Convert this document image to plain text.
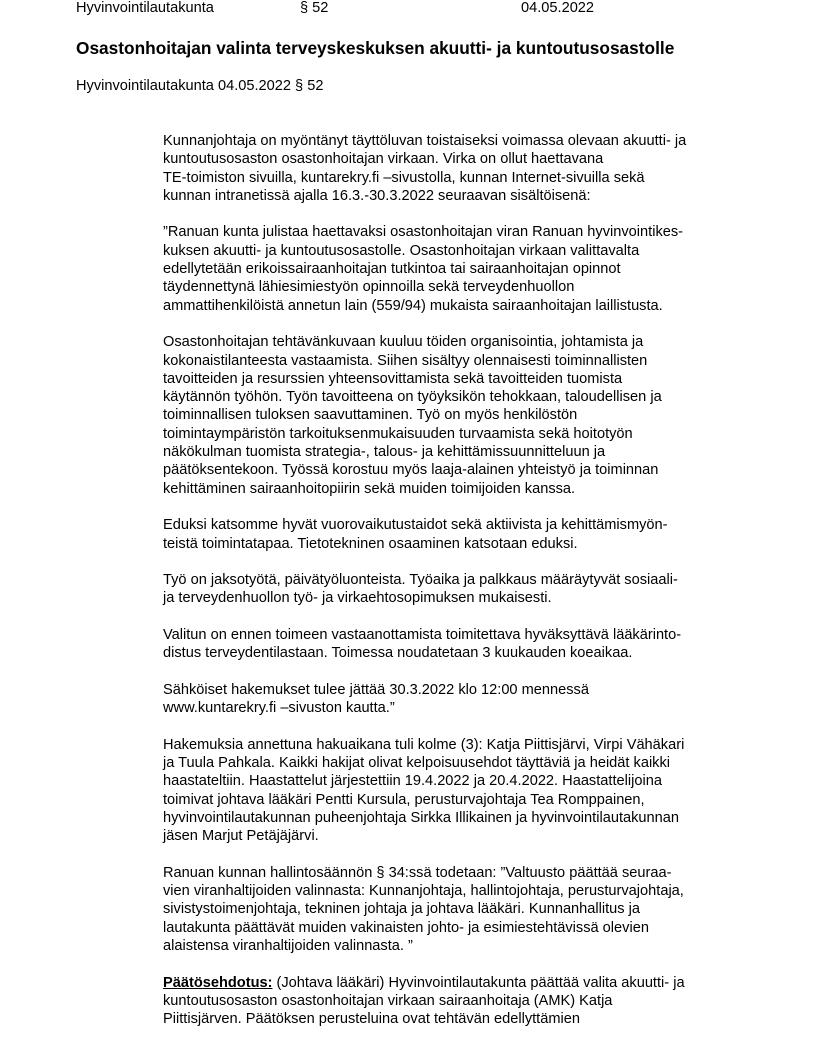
Hyvinvointilautakunta	§ 52	04.05.2022
Osastonhoitajan valinta terveyskeskuksen akuutti- ja kuntoutusosastolle
Hyvinvointilautakunta 04.05.2022 § 52
Kunnanjohtaja on myöntänyt täyttöluvan toistaiseksi voimassa olevaan akuutti- ja
kuntoutusosaston osastonhoitajan virkaan. Virka on ollut haettavana
TE-toimiston sivuilla, kuntarekry.fi –sivustolla, kunnan Internet-sivuilla sekä
kunnan intranetissä ajalla 16.3.-30.3.2022 seuraavan sisältöisenä:
”Ranuan kunta julistaa haettavaksi osastonhoitajan viran Ranuan hyvinvointikes-
kuksen akuutti- ja kuntoutusosastolle. Osastonhoitajan virkaan valittavalta
edellytetään erikoissairaanhoitajan tutkintoa tai sairaanhoitajan opinnot
täydennettynä lähiesimiestyön opinnoilla sekä terveydenhuollon
ammattihenkilöistä annetun lain (559/94) mukaista sairaanhoitajan laillistusta.
Osastonhoitajan tehtävänkuvaan kuuluu töiden organisointia, johtamista ja
kokonaistilanteesta vastaamista. Siihen sisältyy olennaisesti toiminnallisten
tavoitteiden ja resurssien yhteensovittamista sekä tavoitteiden tuomista
käytännön työhön. Työn tavoitteena on työyksikön tehokkaan, taloudellisen ja
toiminnallisen tuloksen saavuttaminen. Työ on myös henkilöstön
toimintaympäristön tarkoituksenmukaisuuden turvaamista sekä hoitotyön
näkökulman tuomista strategia-, talous- ja kehittämissuunnitteluun ja
päätöksentekoon. Työssä korostuu myös laaja-alainen yhteistyö ja toiminnan
kehittäminen sairaanhoitopiirin sekä muiden toimijoiden kanssa.
Eduksi katsomme hyvät vuorovaikutustaidot sekä aktiivista ja kehittämismyön-
teistä toimintatapaa. Tietotekninen osaaminen katsotaan eduksi.
Työ on jaksotyötä, päivätyöluonteista. Työaika ja palkkaus määräytyvät sosiaali-
ja terveydenhuollon työ- ja virkaehtosopimuksen mukaisesti.
Valitun on ennen toimeen vastaanottamista toimitettava hyväksyttävä lääkärinto-
distus terveydentilastaan. Toimessa noudatetaan 3 kuukauden koeaikaa.
Sähköiset hakemukset tulee jättää 30.3.2022 klo 12:00 mennessä
www.kuntarekry.fi –sivuston kautta.”
Hakemuksia annettuna hakuaikana tuli kolme (3): Katja Piittisjärvi, Virpi Vähäkari
ja Tuula Pahkala. Kaikki hakijat olivat kelpoisuusehdot täyttäviä ja heidät kaikki
haastateltiin. Haastattelut järjestettiin 19.4.2022 ja 20.4.2022. Haastattelijoina
toimivat johtava lääkäri Pentti Kursula, perusturvajohtaja Tea Romppainen,
hyvinvointilautakunnan puheenjohtaja Sirkka Illikainen ja hyvinvointilautakunnan
jäsen Marjut Petäjäjärvi.
Ranuan kunnan hallintosäännön § 34:ssä todetaan: ”Valtuusto päättää seuraa-
vien viranhaltijoiden valinnasta: Kunnanjohtaja, hallintojohtaja, perusturvajohtaja,
sivistystoimenjohtaja, tekninen johtaja ja johtava lääkäri. Kunnanhallitus ja
lautakunta päättävät muiden vakinaisten johto- ja esimiestehtävissä olevien
alaistensa viranhaltijoiden valinnasta. ”
Päätösehdotus: (Johtava lääkäri) Hyvinvointilautakunta päättää valita akuutti- ja
kuntoutusosaston osastonhoitajan virkaan sairaanhoitaja (AMK) Katja
Piittisjärven. Päätöksen perusteluina ovat tehtävän edellyttämien
